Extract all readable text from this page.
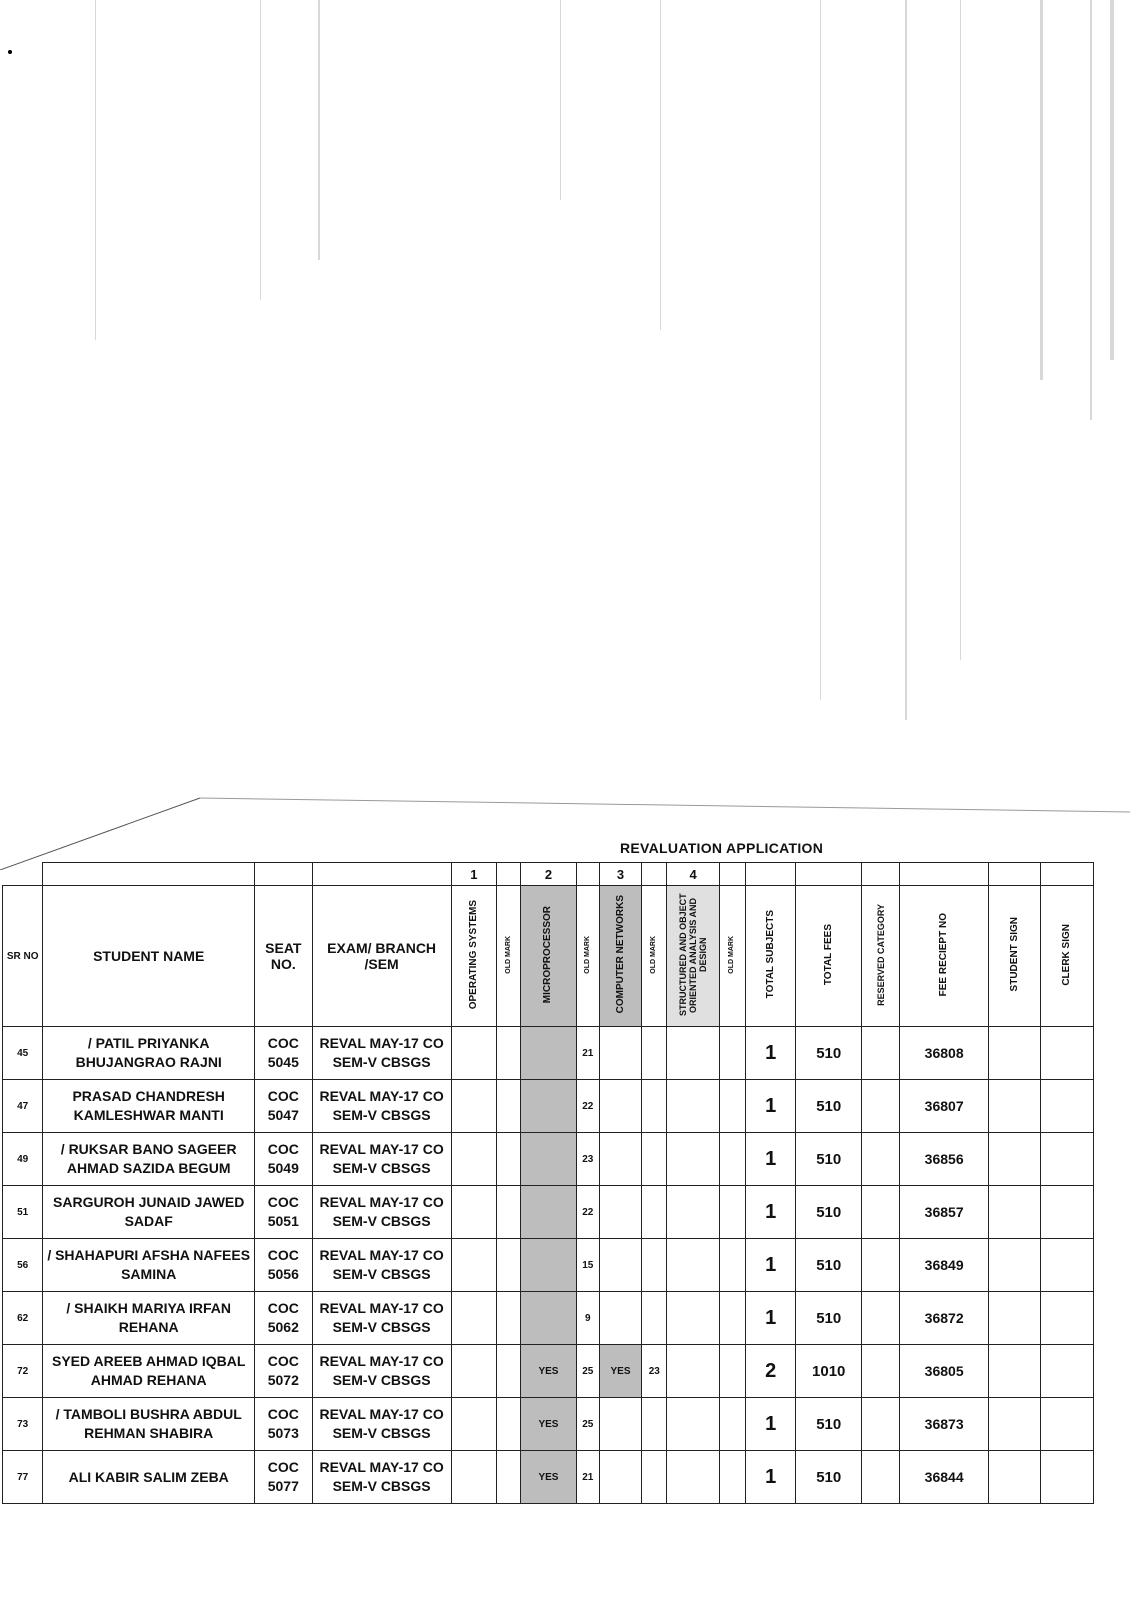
REVALUATION APPLICATION
				1		2		3		4							
SR NO	STUDENT NAME	SEAT NO.	EXAM/ BRANCH /SEM	OPERATING SYSTEMS	OLD MARK	MICROPROCESSOR	OLD MARK	COMPUTER NETWORKS	OLD MARK	STRUCTURED AND OBJECT ORIENTED ANALYSIS AND DESIGN	OLD MARK	TOTAL SUBJECTS	TOTAL FEES	RESERVED CATEGORY	FEE RECIEPT NO	STUDENT SIGN	CLERK SIGN
45	/ PATIL PRIYANKA BHUJANGRAO RAJNI	COC 5045	REVAL MAY-17 CO SEM-V CBSGS				21					1	510		36808		
47	PRASAD CHANDRESH KAMLESHWAR MANTI	COC 5047	REVAL MAY-17 CO SEM-V CBSGS				22					1	510		36807		
49	/ RUKSAR BANO SAGEER AHMAD SAZIDA BEGUM	COC 5049	REVAL MAY-17 CO SEM-V CBSGS				23					1	510		36856		
51	SARGUROH JUNAID JAWED SADAF	COC 5051	REVAL MAY-17 CO SEM-V CBSGS				22					1	510		36857		
56	/ SHAHAPURI AFSHA NAFEES SAMINA	COC 5056	REVAL MAY-17 CO SEM-V CBSGS				15					1	510		36849		
62	/ SHAIKH MARIYA IRFAN REHANA	COC 5062	REVAL MAY-17 CO SEM-V CBSGS				9					1	510		36872		
72	SYED AREEB AHMAD IQBAL AHMAD REHANA	COC 5072	REVAL MAY-17 CO SEM-V CBSGS			YES	25	YES	23			2	1010		36805		
73	/ TAMBOLI BUSHRA ABDUL REHMAN SHABIRA	COC 5073	REVAL MAY-17 CO SEM-V CBSGS			YES	25					1	510		36873		
77	ALI KABIR SALIM ZEBA	COC 5077	REVAL MAY-17 CO SEM-V CBSGS			YES	21					1	510		36844		
